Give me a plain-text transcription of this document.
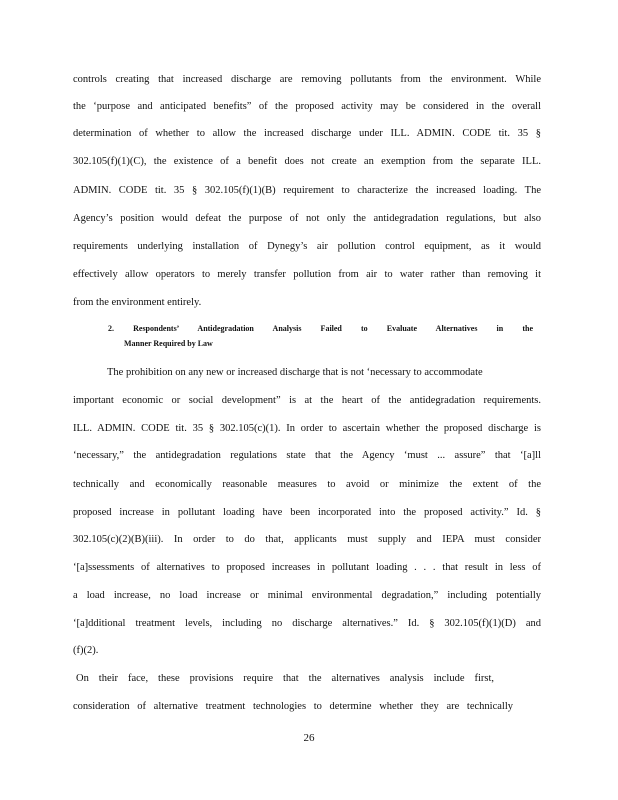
controls creating that increased discharge are removing pollutants from the environment. While
the ‘purpose and anticipated benefits” of the proposed activity may be considered in the overall
determination of whether to allow the increased discharge under ILL. ADMIN. CODE tit. 35 §
302.105(f)(1)(C), the existence of a benefit does not create an exemption from the separate ILL.
ADMIN. CODE tit. 35 § 302.105(f)(1)(B) requirement to characterize the increased loading. The
Agency’s position would defeat the purpose of not only the antidegradation regulations, but also
requirements underlying installation of Dynegy’s air pollution control equipment, as it would
effectively allow operators to merely transfer pollution from air to water rather than removing it
from the environment entirely.
2. Respondents’ Antidegradation Analysis Failed to Evaluate Alternatives in the
Manner Required by Law
The prohibition on any new or increased discharge that is not ‘necessary to accommodate
important economic or social development” is at the heart of the antidegradation requirements.
ILL. ADMIN. CODE tit. 35 § 302.105(c)(1). In order to ascertain whether the proposed discharge is
‘necessary,” the antidegradation regulations state that the Agency ‘must ... assure” that ‘[a]ll
technically and economically reasonable measures to avoid or minimize the extent of the
proposed increase in pollutant loading have been incorporated into the proposed activity.” Id. §
302.105(c)(2)(B)(iii). In order to do that, applicants must supply and IEPA must consider
‘[a]ssessments of alternatives to proposed increases in pollutant loading . . . that result in less of
a load increase, no load increase or minimal environmental degradation,” including potentially
‘[a]dditional treatment levels, including no discharge alternatives.” Id. § 302.105(f)(1)(D) and
(f)(2).
On their face, these provisions require that the alternatives analysis include first,
consideration of alternative treatment technologies to determine whether they are technically
26
